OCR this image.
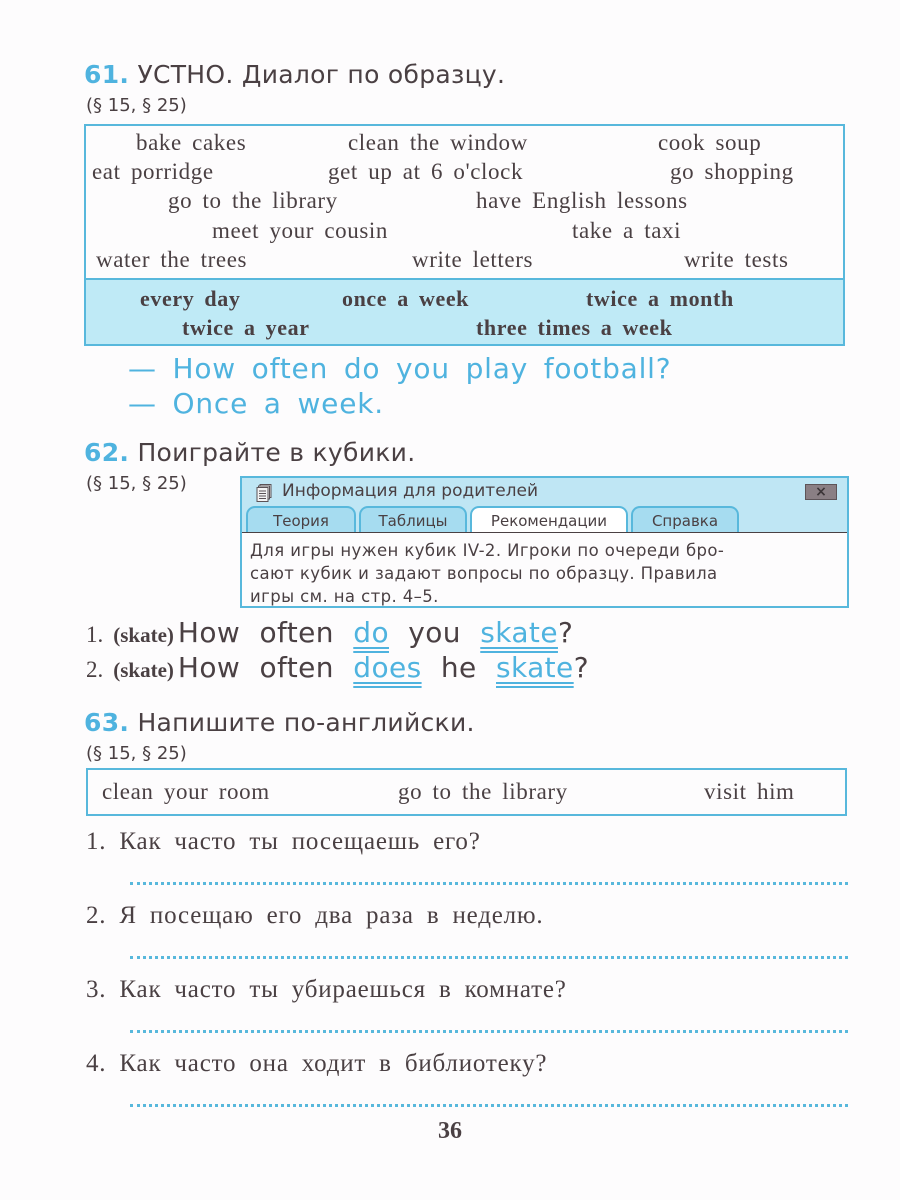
61. УСТНО. Диалог по образцу.
(§ 15, § 25)
bake cakes	clean the window	cook soup
eat porridge	get up at 6 o'clock	go shopping
go to the library	have English lessons
meet your cousin	take a taxi
water the trees	write letters	write tests
every day	once a week	twice a month
twice a year	three times a week
— How often do you play football?
— Once a week.
62. Поиграйте в кубики.
(§ 15, § 25)	Информация для родителей	×
Теория	Таблицы	Рекомендации	Справка
Для игры нужен кубик IV-2. Игроки по очереди бро-
сают кубик и задают вопросы по образцу. Правила
игры см. на стр. 4–5.
1. (skate) How often do you skate?
2. (skate) How often does he skate?
63. Напишите по-английски.
(§ 15, § 25)
clean your room	go to the library	visit him
1. Как часто ты посещаешь его?
2. Я посещаю его два раза в неделю.
3. Как часто ты убираешься в комнате?
4. Как часто она ходит в библиотеку?
36
